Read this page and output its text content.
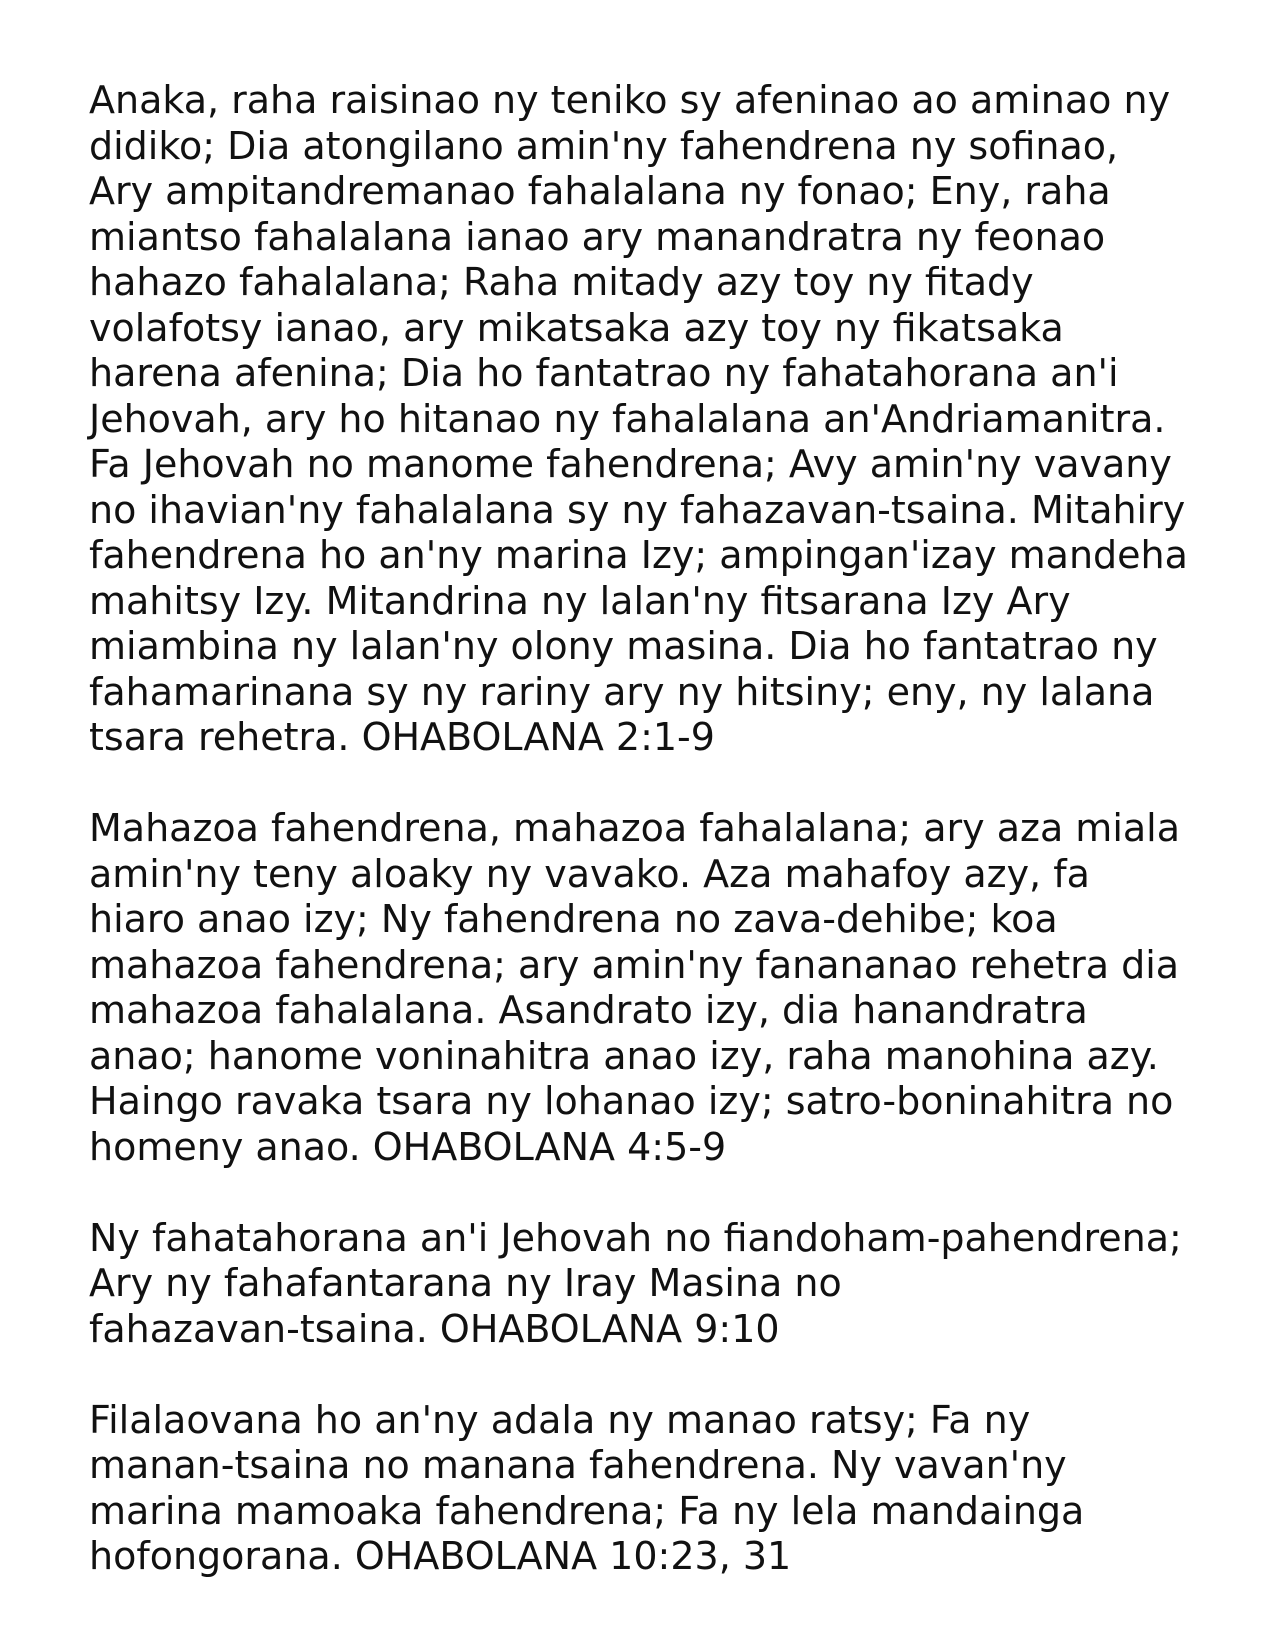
Anaka, raha raisinao ny teniko sy afeninao ao aminao ny
didiko; Dia atongilano amin'ny fahendrena ny sofinao,
Ary ampitandremanao fahalalana ny fonao; Eny, raha
miantso fahalalana ianao ary manandratra ny feonao
hahazo fahalalana; Raha mitady azy toy ny fitady
volafotsy ianao, ary mikatsaka azy toy ny fikatsaka
harena afenina; Dia ho fantatrao ny fahatahorana an'i
Jehovah, ary ho hitanao ny fahalalana an'Andriamanitra.
Fa Jehovah no manome fahendrena; Avy amin'ny vavany
no ihavian'ny fahalalana sy ny fahazavan-tsaina. Mitahiry
fahendrena ho an'ny marina Izy; ampingan'izay mandeha
mahitsy Izy. Mitandrina ny lalan'ny fitsarana Izy Ary
miambina ny lalan'ny olony masina. Dia ho fantatrao ny
fahamarinana sy ny rariny ary ny hitsiny; eny, ny lalana
tsara rehetra. OHABOLANA 2:1-9

Mahazoa fahendrena, mahazoa fahalalana; ary aza miala
amin'ny teny aloaky ny vavako. Aza mahafoy azy, fa
hiaro anao izy; Ny fahendrena no zava-dehibe; koa
mahazoa fahendrena; ary amin'ny fanananao rehetra dia
mahazoa fahalalana. Asandrato izy, dia hanandratra
anao; hanome voninahitra anao izy, raha manohina azy.
Haingo ravaka tsara ny lohanao izy; satro-boninahitra no
homeny anao. OHABOLANA 4:5-9

Ny fahatahorana an'i Jehovah no fiandoham-pahendrena;
Ary ny fahafantarana ny Iray Masina no
fahazavan-tsaina. OHABOLANA 9:10

Filalaovana ho an'ny adala ny manao ratsy; Fa ny
manan-tsaina no manana fahendrena. Ny vavan'ny
marina mamoaka fahendrena; Fa ny lela mandainga
hofongorana. OHABOLANA 10:23, 31
